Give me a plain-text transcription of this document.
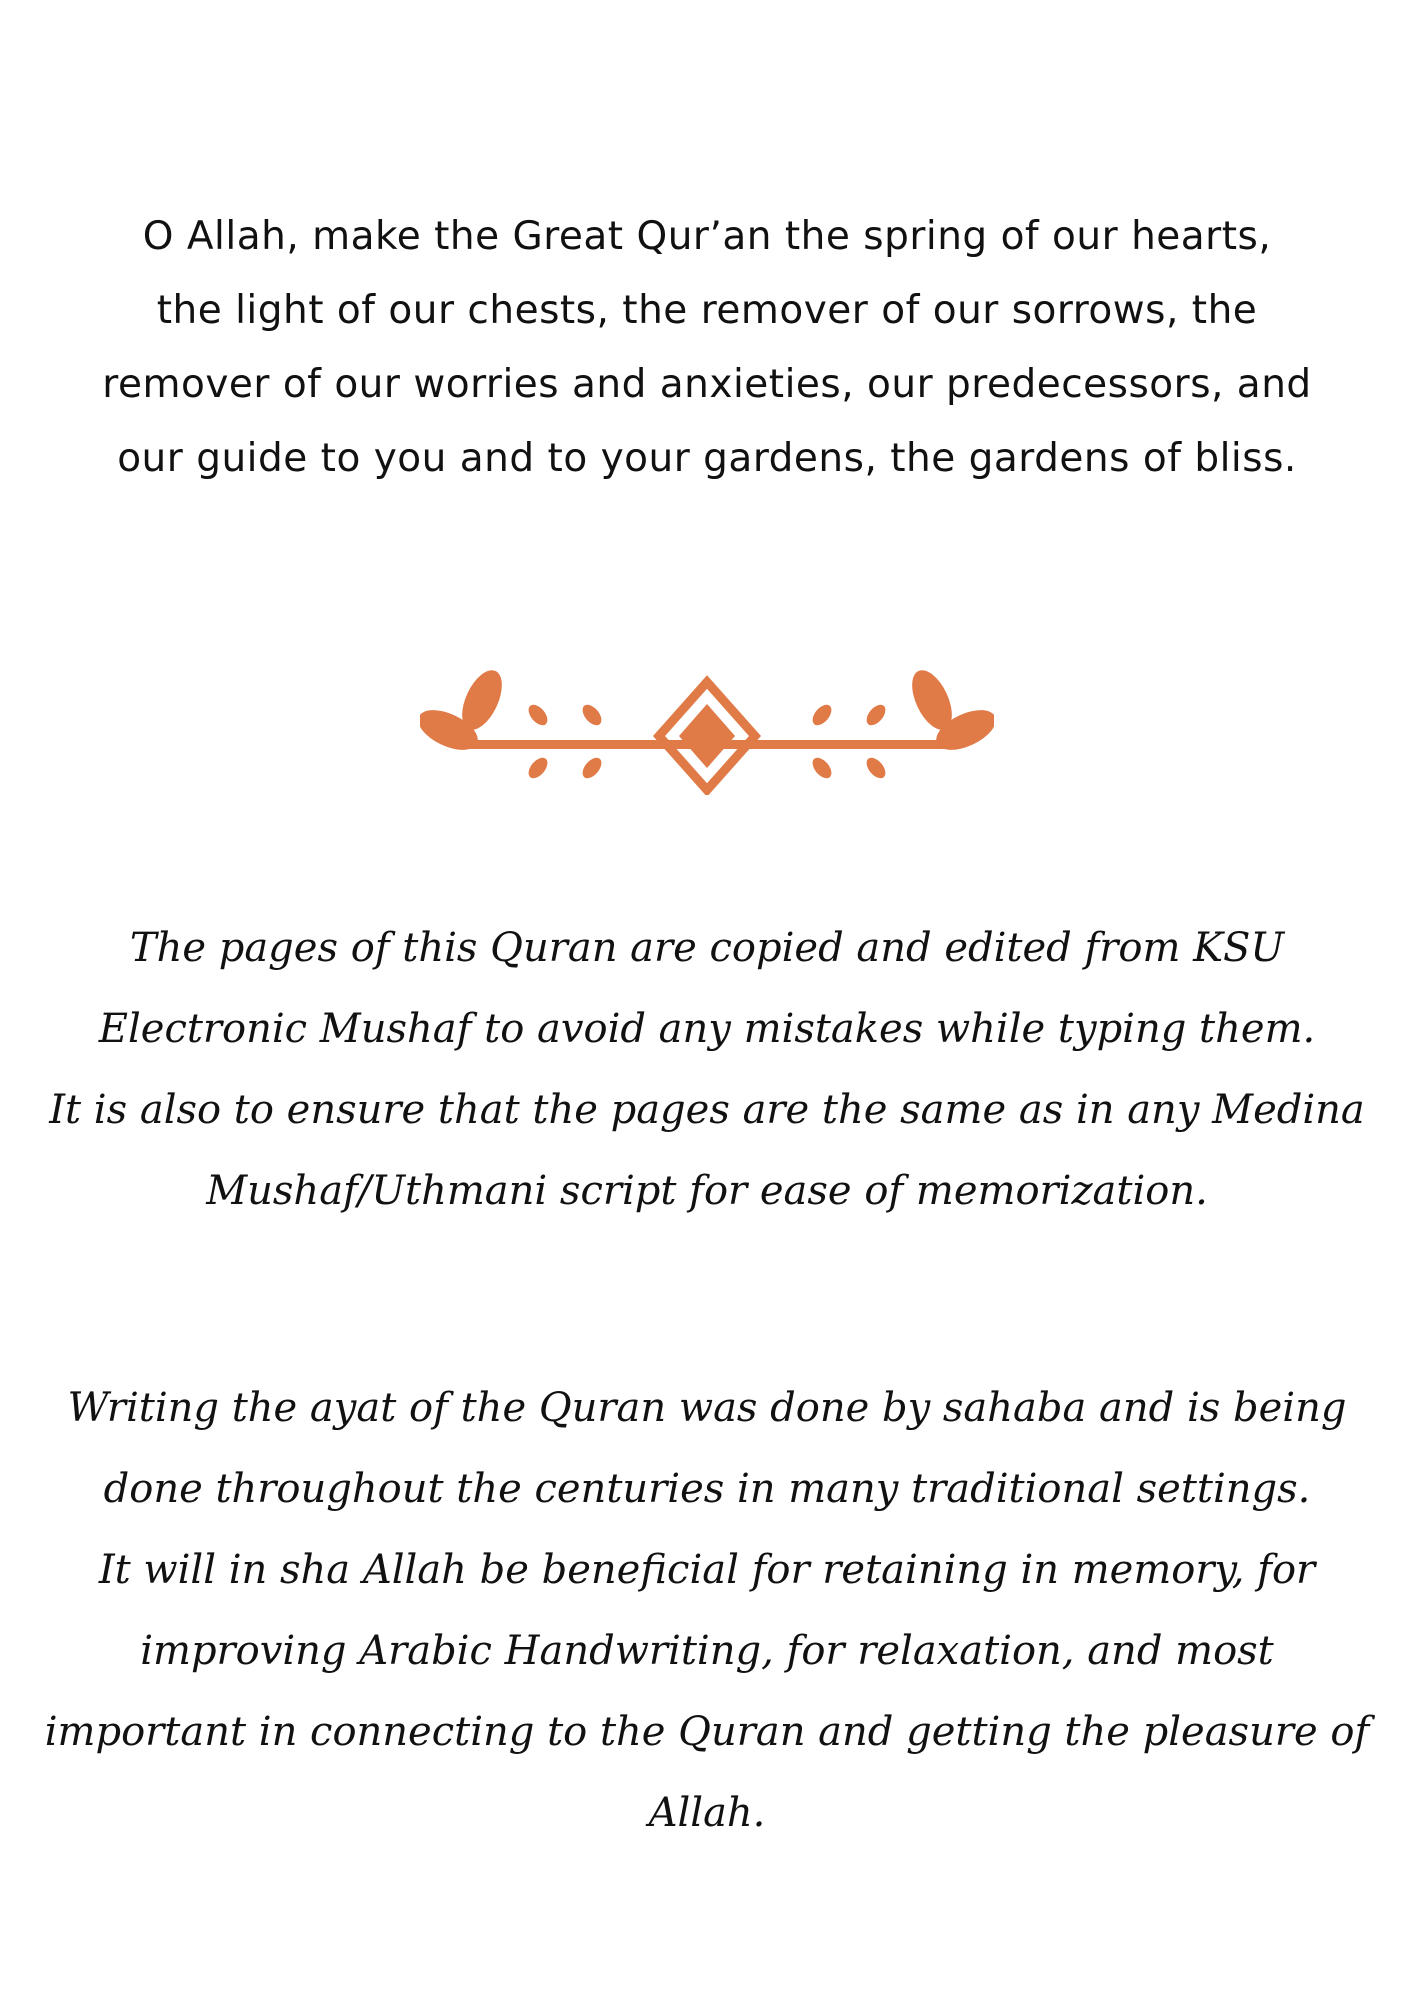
O Allah, make the Great Qur’an the spring of our hearts,
the light of our chests, the remover of our sorrows, the
remover of our worries and anxieties, our predecessors, and
our guide to you and to your gardens, the gardens of bliss.
The pages of this Quran are copied and edited from KSU
Electronic Mushaf to avoid any mistakes while typing them.
It is also to ensure that the pages are the same as in any Medina
Mushaf/Uthmani script for ease of memorization.
Writing the ayat of the Quran was done by sahaba and is being
done throughout the centuries in many traditional settings.
It will in sha Allah be beneficial for retaining in memory, for
improving Arabic Handwriting, for relaxation, and most
important in connecting to the Quran and getting the pleasure of
Allah.
